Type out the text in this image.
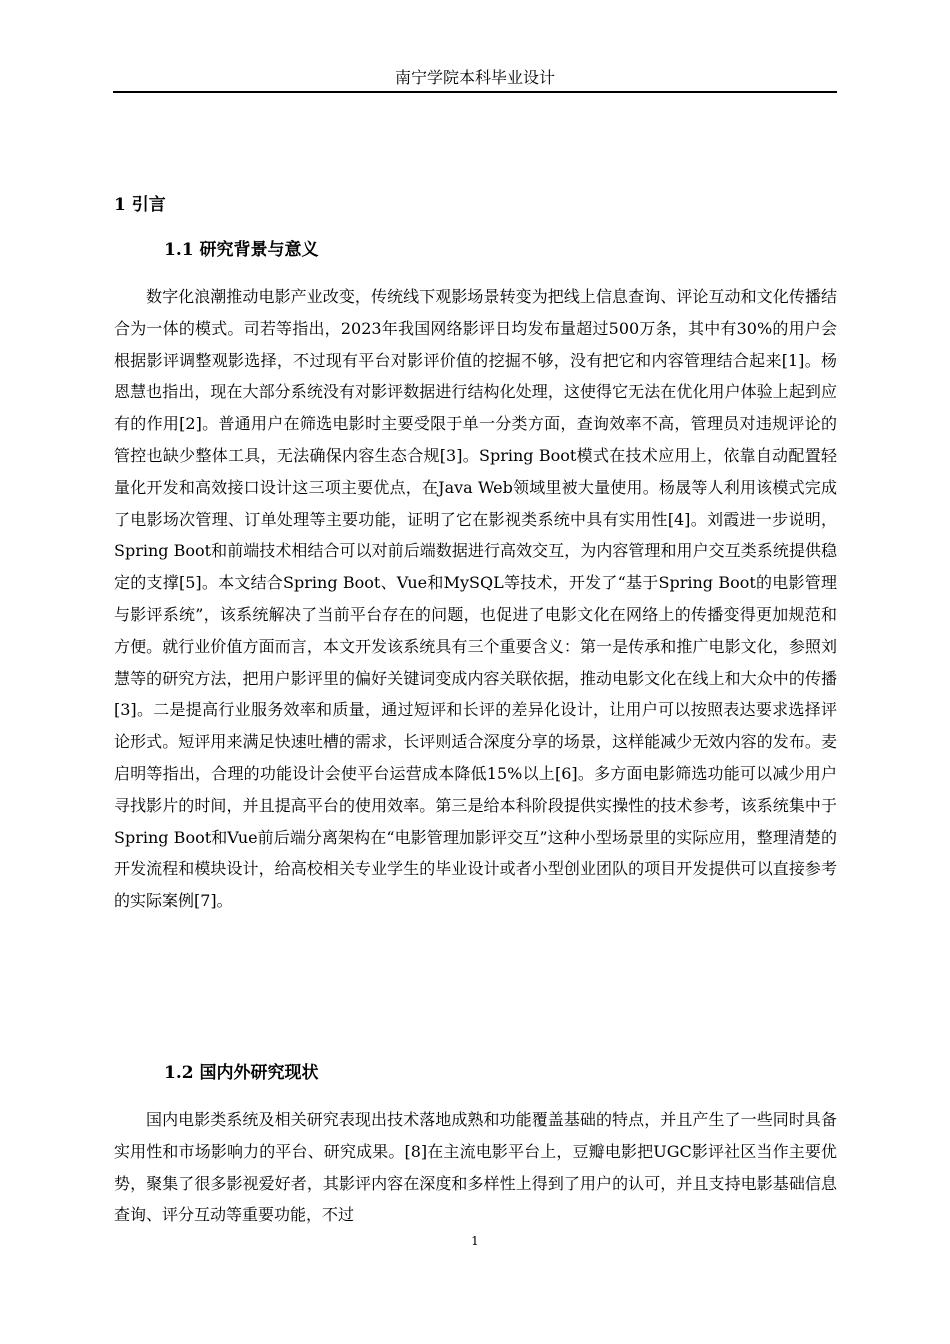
南宁学院本科毕业设计
1 引言
1.1 研究背景与意义

数字化浪潮推动电影产业改变，传统线下观影场景转变为把线上信息查询、评论互动和文化传播结合为一体的模式。司若等指出，2023年我国网络影评日均发布量超过500万条，其中有30%的用户会根据影评调整观影选择，不过现有平台对影评价值的挖掘不够，没有把它和内容管理结合起来[1]。杨恩慧也指出，现在大部分系统没有对影评数据进行结构化处理，这使得它无法在优化用户体验上起到应有的作用[2]。普通用户在筛选电影时主要受限于单一分类方面，查询效率不高，管理员对违规评论的管控也缺少整体工具，无法确保内容生态合规[3]。Spring Boot模式在技术应用上，依靠自动配置轻量化开发和高效接口设计这三项主要优点，在Java Web领域里被大量使用。杨晟等人利用该模式完成了电影场次管理、订单处理等主要功能，证明了它在影视类系统中具有实用性[4]。刘霞进一步说明，Spring Boot和前端技术相结合可以对前后端数据进行高效交互，为内容管理和用户交互类系统提供稳定的支撑[5]。本文结合Spring Boot、Vue和MySQL等技术，开发了“基于Spring Boot的电影管理与影评系统”，该系统解决了当前平台存在的问题，也促进了电影文化在网络上的传播变得更加规范和方便。就行业价值方面而言，本文开发该系统具有三个重要含义：第一是传承和推广电影文化，参照刘慧等的研究方法，把用户影评里的偏好关键词变成内容关联依据，推动电影文化在线上和大众中的传播[3]。二是提高行业服务效率和质量，通过短评和长评的差异化设计，让用户可以按照表达要求选择评论形式。短评用来满足快速吐槽的需求，长评则适合深度分享的场景，这样能减少无效内容的发布。麦启明等指出，合理的功能设计会使平台运营成本降低15%以上[6]。多方面电影筛选功能可以减少用户寻找影片的时间，并且提高平台的使用效率。第三是给本科阶段提供实操性的技术参考，该系统集中于Spring Boot和Vue前后端分离架构在“电影管理加影评交互”这种小型场景里的实际应用，整理清楚的开发流程和模块设计，给高校相关专业学生的毕业设计或者小型创业团队的项目开发提供可以直接参考的实际案例[7]。

1.2 国内外研究现状

国内电影类系统及相关研究表现出技术落地成熟和功能覆盖基础的特点，并且产生了一些同时具备实用性和市场影响力的平台、研究成果。[8]在主流电影平台上，豆瓣电影把UGC影评社区当作主要优势，聚集了很多影视爱好者，其影评内容在深度和多样性上得到了用户的认可，并且支持电影基础信息查询、评分互动等重要功能，不过

1
